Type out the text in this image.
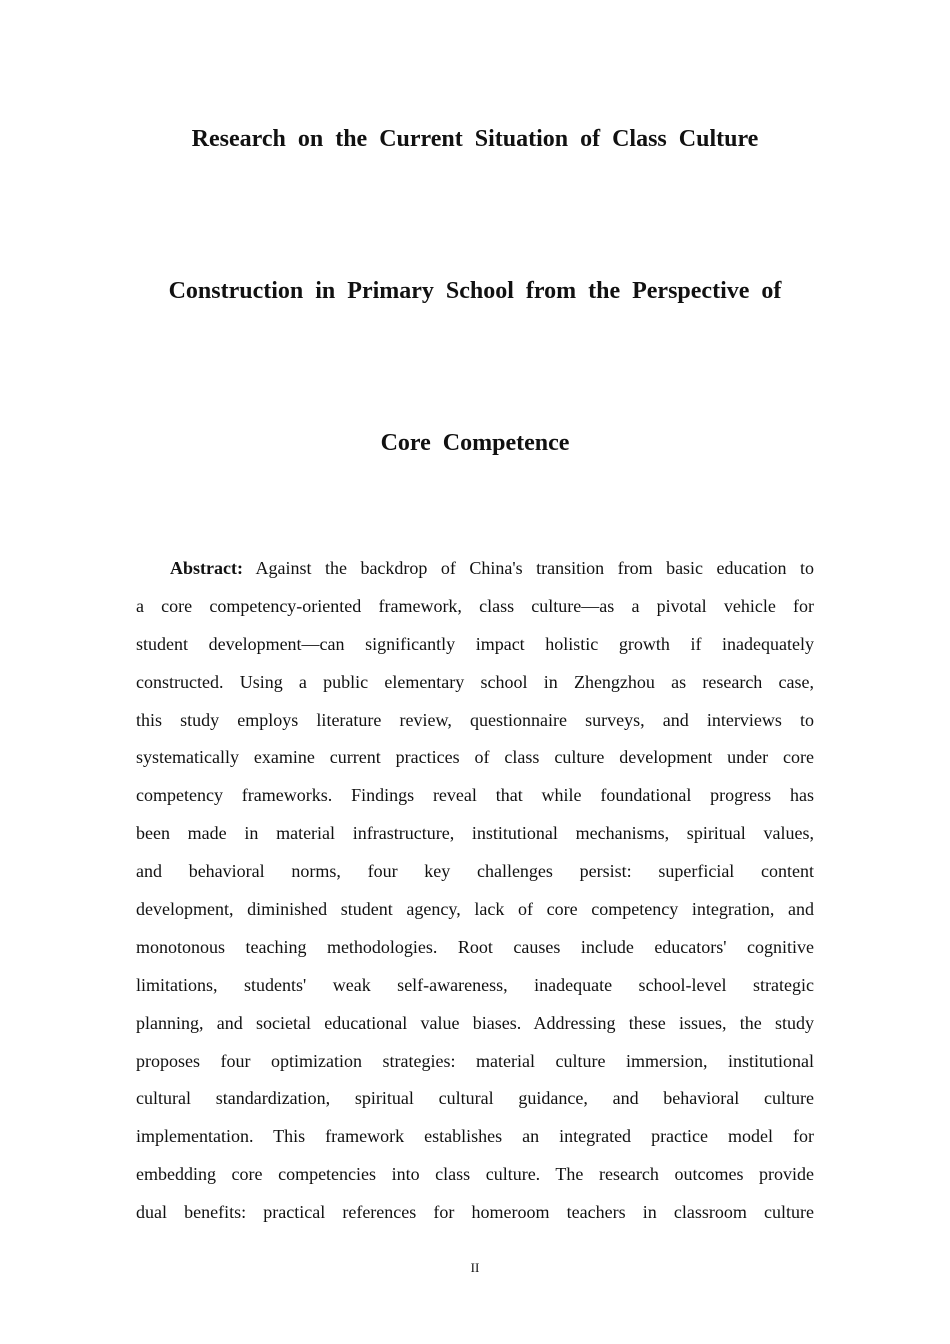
Research on the Current Situation of Class Culture
Construction in Primary School from the Perspective of
Core Competence
Abstract: Against the backdrop of China's transition from basic education to
a core competency-oriented framework, class culture—as a pivotal vehicle for
student development—can significantly impact holistic growth if inadequately
constructed. Using a public elementary school in Zhengzhou as research case,
this study employs literature review, questionnaire surveys, and interviews to
systematically examine current practices of class culture development under core
competency frameworks. Findings reveal that while foundational progress has
been made in material infrastructure, institutional mechanisms, spiritual values,
and behavioral norms, four key challenges persist: superficial content
development, diminished student agency, lack of core competency integration, and
monotonous teaching methodologies. Root causes include educators' cognitive
limitations, students' weak self-awareness, inadequate school-level strategic
planning, and societal educational value biases. Addressing these issues, the study
proposes four optimization strategies: material culture immersion, institutional
cultural standardization, spiritual cultural guidance, and behavioral culture
implementation. This framework establishes an integrated practice model for
embedding core competencies into class culture. The research outcomes provide
dual benefits: practical references for homeroom teachers in classroom culture
II
